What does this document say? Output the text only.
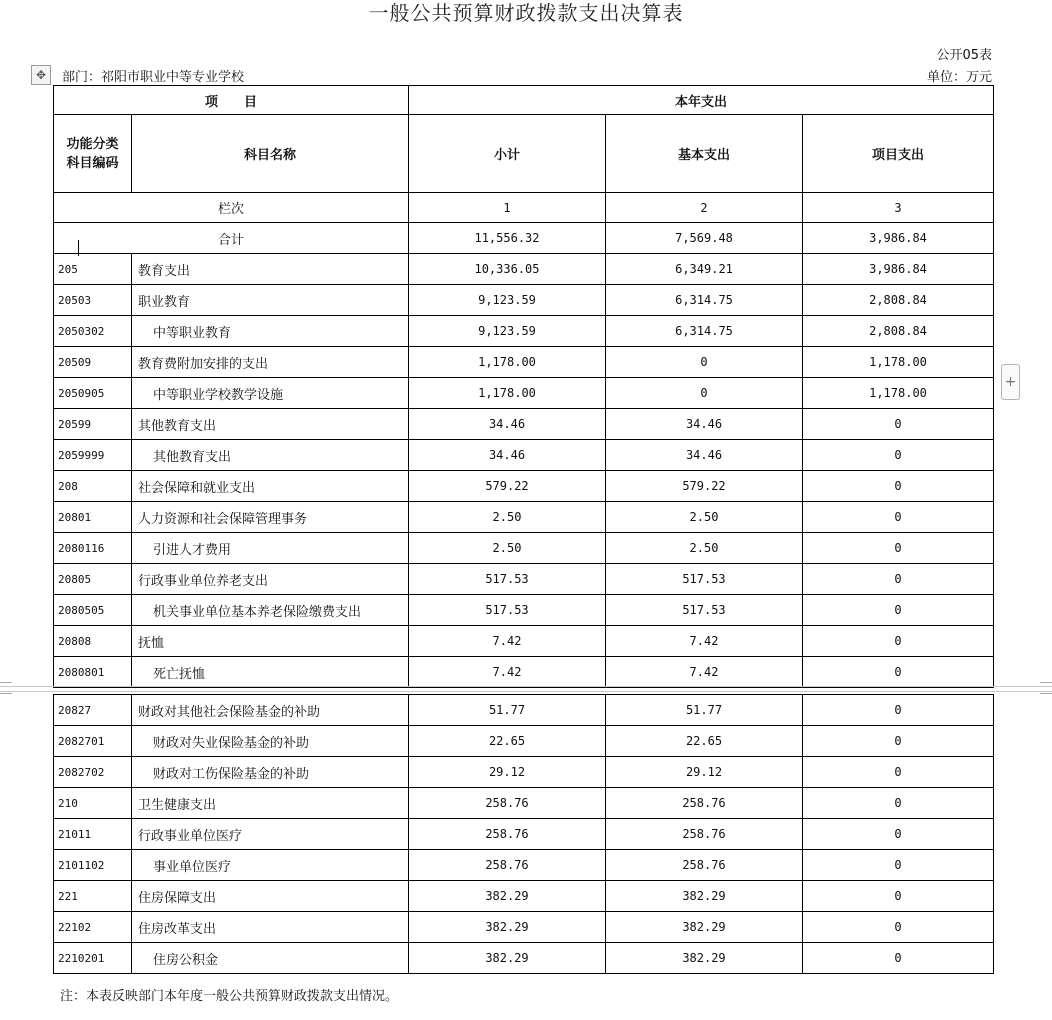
一般公共预算财政拨款支出决算表
公开05表
✥	部门：祁阳市职业中等专业学校	单位：万元
项　　目		本年支出		
功能分类
科目编码	科目名称	小计	基本支出	项目支出
栏次		1	2	3
合计		11,556.32	7,569.48	3,986.84
205	教育支出	10,336.05	6,349.21	3,986.84
20503	职业教育	9,123.59	6,314.75	2,808.84
2050302	中等职业教育	9,123.59	6,314.75	2,808.84
20509	教育费附加安排的支出	1,178.00	0	1,178.00
2050905	中等职业学校教学设施	1,178.00	0	1,178.00
20599	其他教育支出	34.46	34.46	0
2059999	其他教育支出	34.46	34.46	0
208	社会保障和就业支出	579.22	579.22	0
20801	人力资源和社会保障管理事务	2.50	2.50	0
2080116	引进人才费用	2.50	2.50	0
20805	行政事业单位养老支出	517.53	517.53	0
2080505	机关事业单位基本养老保险缴费支出	517.53	517.53	0
20808	抚恤	7.42	7.42	0
2080801	死亡抚恤	7.42	7.42	0
+
20827	财政对其他社会保险基金的补助	51.77	51.77	0
2082701	财政对失业保险基金的补助	22.65	22.65	0
2082702	财政对工伤保险基金的补助	29.12	29.12	0
210	卫生健康支出	258.76	258.76	0
21011	行政事业单位医疗	258.76	258.76	0
2101102	事业单位医疗	258.76	258.76	0
221	住房保障支出	382.29	382.29	0
22102	住房改革支出	382.29	382.29	0
2210201	住房公积金	382.29	382.29	0
注：本表反映部门本年度一般公共预算财政拨款支出情况。
